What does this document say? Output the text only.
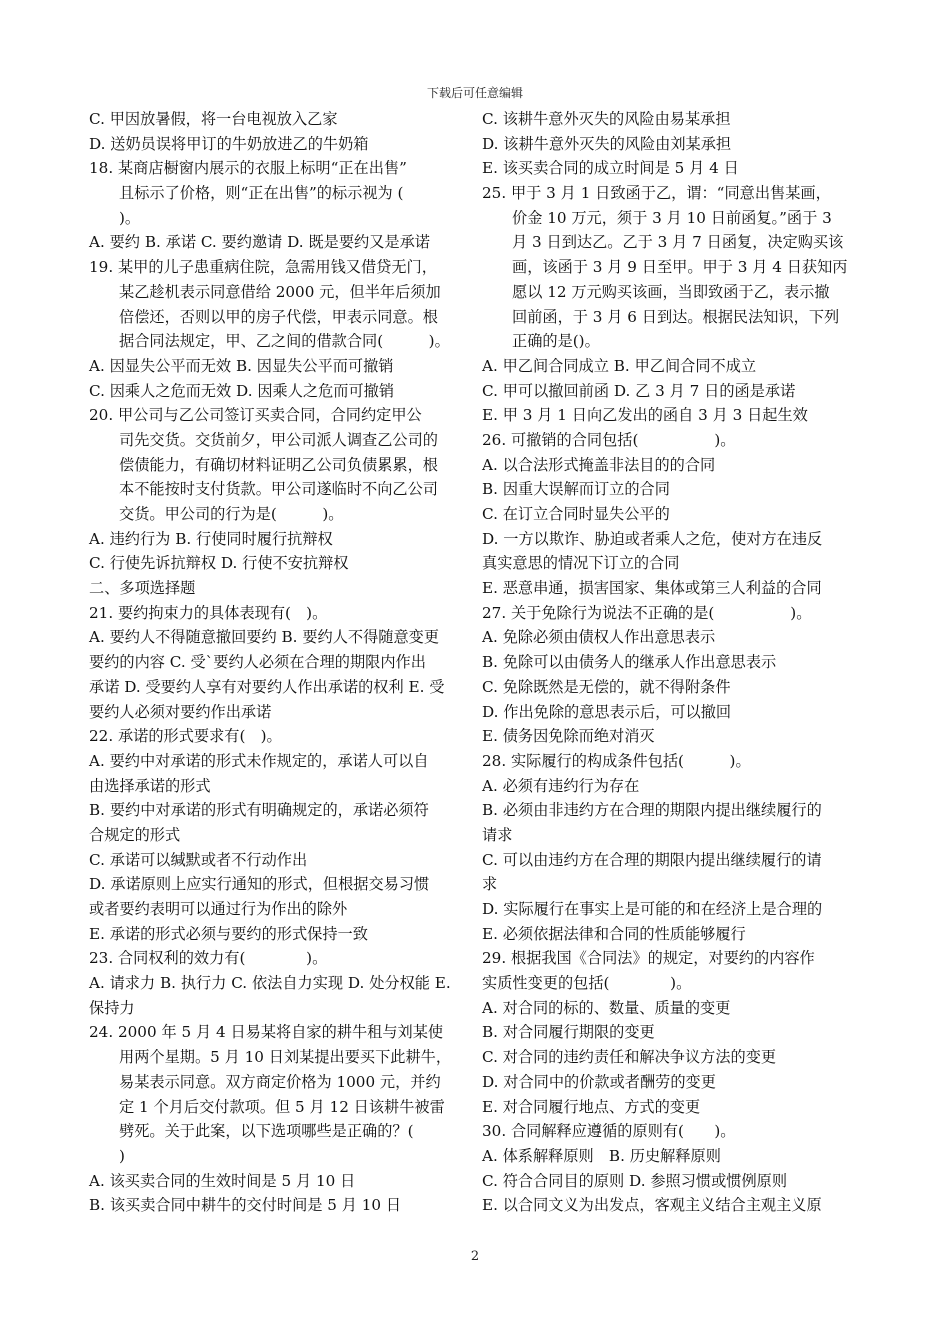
下载后可任意编辑
C. 甲因放暑假，将一台电视放入乙家
D. 送奶员误将甲订的牛奶放进乙的牛奶箱
18. 某商店橱窗内展示的衣服上标明“正在出售”
且标示了价格，则“正在出售”的标示视为 (
)。
A. 要约 B. 承诺 C. 要约邀请 D. 既是要约又是承诺
19. 某甲的儿子患重病住院，急需用钱又借贷无门，
某乙趁机表示同意借给 2000 元，但半年后须加
倍偿还，否则以甲的房子代偿，甲表示同意。根
据合同法规定，甲、乙之间的借款合同(　　　)。
A. 因显失公平而无效 B. 因显失公平而可撤销
C. 因乘人之危而无效 D. 因乘人之危而可撤销
20. 甲公司与乙公司签订买卖合同，合同约定甲公
司先交货。交货前夕，甲公司派人调查乙公司的
偿债能力，有确切材料证明乙公司负债累累，根
本不能按时支付货款。甲公司遂临时不向乙公司
交货。甲公司的行为是(　　　)。
A. 违约行为 B. 行使同时履行抗辩权
C. 行使先诉抗辩权 D. 行使不安抗辩权
二、多项选择题
21. 要约拘束力的具体表现有(　)。
A. 要约人不得随意撤回要约 B. 要约人不得随意变更
要约的内容 C. 受`要约人必须在合理的期限内作出
承诺 D. 受要约人享有对要约人作出承诺的权利 E. 受
要约人必须对要约作出承诺
22. 承诺的形式要求有(　)。
A. 要约中对承诺的形式未作规定的，承诺人可以自
由选择承诺的形式
B. 要约中对承诺的形式有明确规定的，承诺必须符
合规定的形式
C. 承诺可以缄默或者不行动作出
D. 承诺原则上应实行通知的形式，但根据交易习惯
或者要约表明可以通过行为作出的除外
E. 承诺的形式必须与要约的形式保持一致
23. 合同权利的效力有(　　　　)。
A. 请求力 B. 执行力 C. 依法自力实现 D. 处分权能 E.
保持力
24. 2000 年 5 月 4 日易某将自家的耕牛租与刘某使
用两个星期。5 月 10 日刘某提出要买下此耕牛，
易某表示同意。双方商定价格为 1000 元，并约
定 1 个月后交付款项。但 5 月 12 日该耕牛被雷
劈死。关于此案，以下选项哪些是正确的？(
)
A. 该买卖合同的生效时间是 5 月 10 日
B. 该买卖合同中耕牛的交付时间是 5 月 10 日
C. 该耕牛意外灭失的风险由易某承担
D. 该耕牛意外灭失的风险由刘某承担
E. 该买卖合同的成立时间是 5 月 4 日
25. 甲于 3 月 1 日致函于乙，谓：“同意出售某画，
价金 10 万元，须于 3 月 10 日前函复。”函于 3
月 3 日到达乙。乙于 3 月 7 日函复，决定购买该
画，该函于 3 月 9 日至甲。甲于 3 月 4 日获知丙
愿以 12 万元购买该画，当即致函于乙，表示撤
回前函，于 3 月 6 日到达。根据民法知识，下列
正确的是()。
A. 甲乙间合同成立 B. 甲乙间合同不成立
C. 甲可以撤回前函 D. 乙 3 月 7 日的函是承诺
E. 甲 3 月 1 日向乙发出的函自 3 月 3 日起生效
26. 可撤销的合同包括(　　　　　)。
A. 以合法形式掩盖非法目的的合同
B. 因重大误解而订立的合同
C. 在订立合同时显失公平的
D. 一方以欺诈、胁迫或者乘人之危，使对方在违反
真实意思的情况下订立的合同
E. 恶意串通，损害国家、集体或第三人利益的合同
27. 关于免除行为说法不正确的是(　　　　　)。
A. 免除必须由债权人作出意思表示
B. 免除可以由债务人的继承人作出意思表示
C. 免除既然是无偿的，就不得附条件
D. 作出免除的意思表示后，可以撤回
E. 债务因免除而绝对消灭
28. 实际履行的构成条件包括(　　　)。
A. 必须有违约行为存在
B. 必须由非违约方在合理的期限内提出继续履行的
请求
C. 可以由违约方在合理的期限内提出继续履行的请
求
D. 实际履行在事实上是可能的和在经济上是合理的
E. 必须依据法律和合同的性质能够履行
29. 根据我国《合同法》的规定，对要约的内容作
实质性变更的包括(　　　　)。
A. 对合同的标的、数量、质量的变更
B. 对合同履行期限的变更
C. 对合同的违约责任和解决争议方法的变更
D. 对合同中的价款或者酬劳的变更
E. 对合同履行地点、方式的变更
30. 合同解释应遵循的原则有(　　)。
A. 体系解释原则　B. 历史解释原则
C. 符合合同目的原则 D. 参照习惯或惯例原则
E. 以合同文义为出发点，客观主义结合主观主义原
2
